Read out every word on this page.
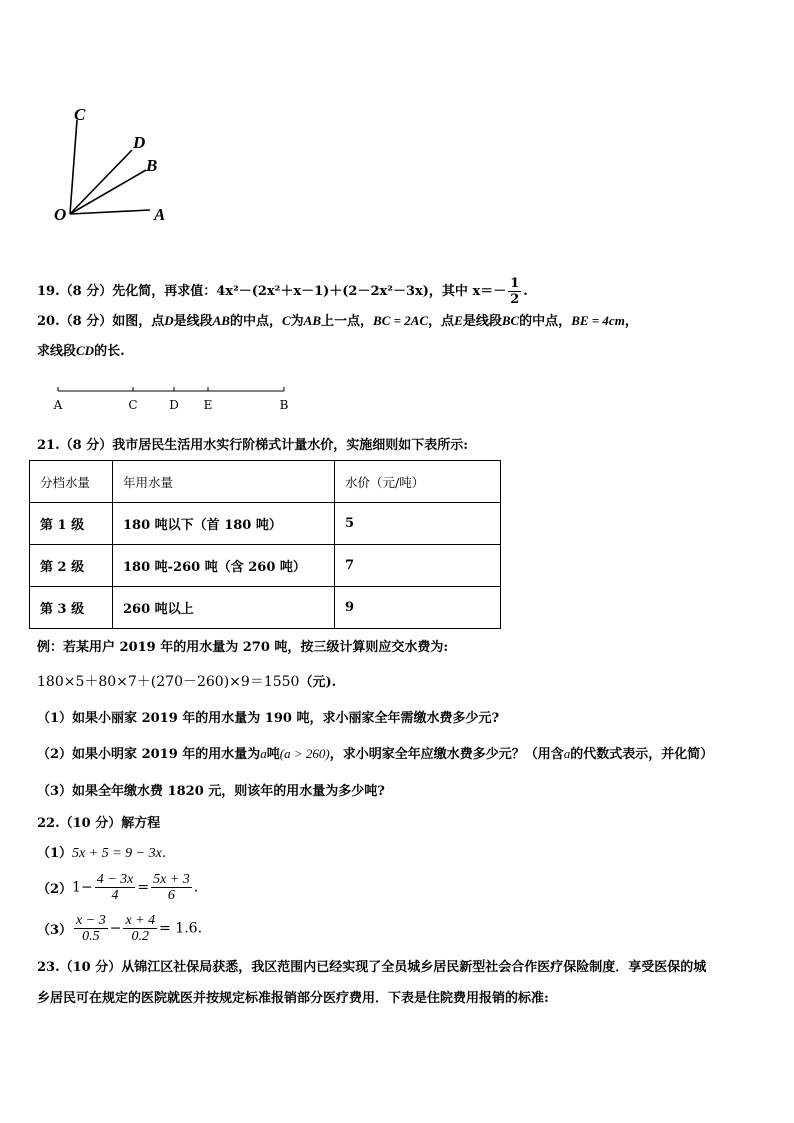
C
D
B
O	A
19.（8 分）先化简，再求值：4x²－(2x²＋x－1)＋(2－2x²－3x)，其中 $x=- \frac{1}{2}$ .
20.（8 分）如图，点D是线段AB的中点，C为AB上一点，BC = 2AC，点E是线段BC的中点，BE = 4cm，
求线段CD的长.
A	C	D E	B
21.（8 分）我市居民生活用水实行阶梯式计量水价，实施细则如下表所示:
分档水量	年用水量	水价（元/吨）
第 1 级	180 吨以下（首 180 吨）	5
第 2 级	180 吨-260 吨（含 260 吨）	7
第 3 级	260 吨以上	9
例：若某用户 2019 年的用水量为 270 吨，按三级计算则应交水费为:
180×5＋80×7＋(270－260)×9＝1550（元).
（1）如果小丽家 2019 年的用水量为 190 吨，求小丽家全年需缴水费多少元?
（2）如果小明家 2019 年的用水量为a吨(a > 260)，求小明家全年应缴水费多少元？（用含a的代数式表示，并化简）
（3）如果全年缴水费 1820 元，则该年的用水量为多少吨?
22.（10 分）解方程
（1）5x + 5 = 9 − 3x.
$(2)1- \frac{4 - 3x}{4} = \frac{5x + 3}{6}$ .
$(3) \frac{x - 3}{0.5} - \frac{x + 4}{0.2} = 1.6$.
23.（10 分）从锦江区社保局获悉，我区范围内已经实现了全员城乡居民新型社会合作医疗保险制度．享受医保的城
乡居民可在规定的医院就医并按规定标准报销部分医疗费用．下表是住院费用报销的标准:
